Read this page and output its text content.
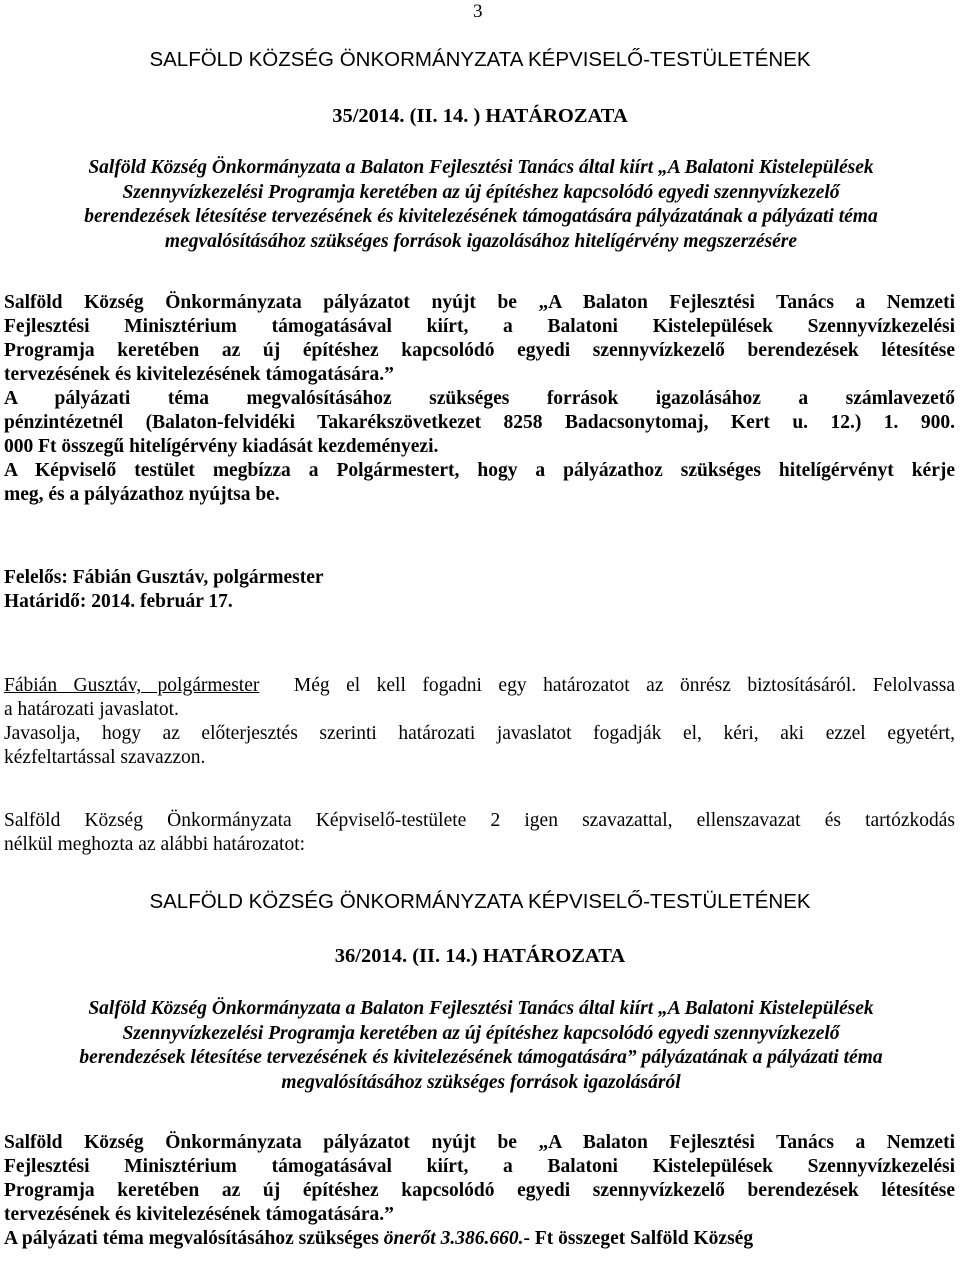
3
SALFÖLD KÖZSÉG ÖNKORMÁNYZATA KÉPVISELŐ-TESTÜLETÉNEK
35/2014. (II. 14. ) HATÁROZATA
Salföld Község Önkormányzata a Balaton Fejlesztési Tanács által kiírt „A Balatoni Kistelepülések
Szennyvízkezelési Programja keretében az új építéshez kapcsolódó egyedi szennyvízkezelő
berendezések létesítése tervezésének és kivitelezésének támogatására pályázatának a pályázati téma
megvalósításához szükséges források igazolásához hitelígérvény megszerzésére
Salföld Község Önkormányzata pályázatot nyújt be „A Balaton Fejlesztési Tanács a Nemzeti
Fejlesztési Minisztérium támogatásával kiírt, a Balatoni Kistelepülések Szennyvízkezelési
Programja keretében az új építéshez kapcsolódó egyedi szennyvízkezelő berendezések létesítése
tervezésének és kivitelezésének támogatására.”
A pályázati téma megvalósításához szükséges források igazolásához a számlavezető
pénzintézetnél (Balaton-felvidéki Takarékszövetkezet 8258 Badacsonytomaj, Kert u. 12.) 1. 900.
000 Ft összegű hitelígérvény kiadását kezdeményezi.
A Képviselő testület megbízza a Polgármestert, hogy a pályázathoz szükséges hitelígérvényt kérje
meg, és a pályázathoz nyújtsa be.
Felelős: Fábián Gusztáv, polgármester
Határidő: 2014. február 17.
Fábián Gusztáv, polgármester Még el kell fogadni egy határozatot az önrész biztosításáról. Felolvassa
a határozati javaslatot.
Javasolja, hogy az előterjesztés szerinti határozati javaslatot fogadják el, kéri, aki ezzel egyetért,
kézfeltartással szavazzon.
Salföld Község Önkormányzata Képviselő-testülete 2 igen szavazattal, ellenszavazat és tartózkodás
nélkül meghozta az alábbi határozatot:
SALFÖLD KÖZSÉG ÖNKORMÁNYZATA KÉPVISELŐ-TESTÜLETÉNEK
36/2014. (II. 14.) HATÁROZATA
Salföld Község Önkormányzata a Balaton Fejlesztési Tanács által kiírt „A Balatoni Kistelepülések
Szennyvízkezelési Programja keretében az új építéshez kapcsolódó egyedi szennyvízkezelő
berendezések létesítése tervezésének és kivitelezésének támogatására” pályázatának a pályázati téma
megvalósításához szükséges források igazolásáról
Salföld Község Önkormányzata pályázatot nyújt be „A Balaton Fejlesztési Tanács a Nemzeti
Fejlesztési Minisztérium támogatásával kiírt, a Balatoni Kistelepülések Szennyvízkezelési
Programja keretében az új építéshez kapcsolódó egyedi szennyvízkezelő berendezések létesítése
tervezésének és kivitelezésének támogatására.”
A pályázati téma megvalósításához szükséges önerőt 3.386.660.- Ft összeget Salföld Község
